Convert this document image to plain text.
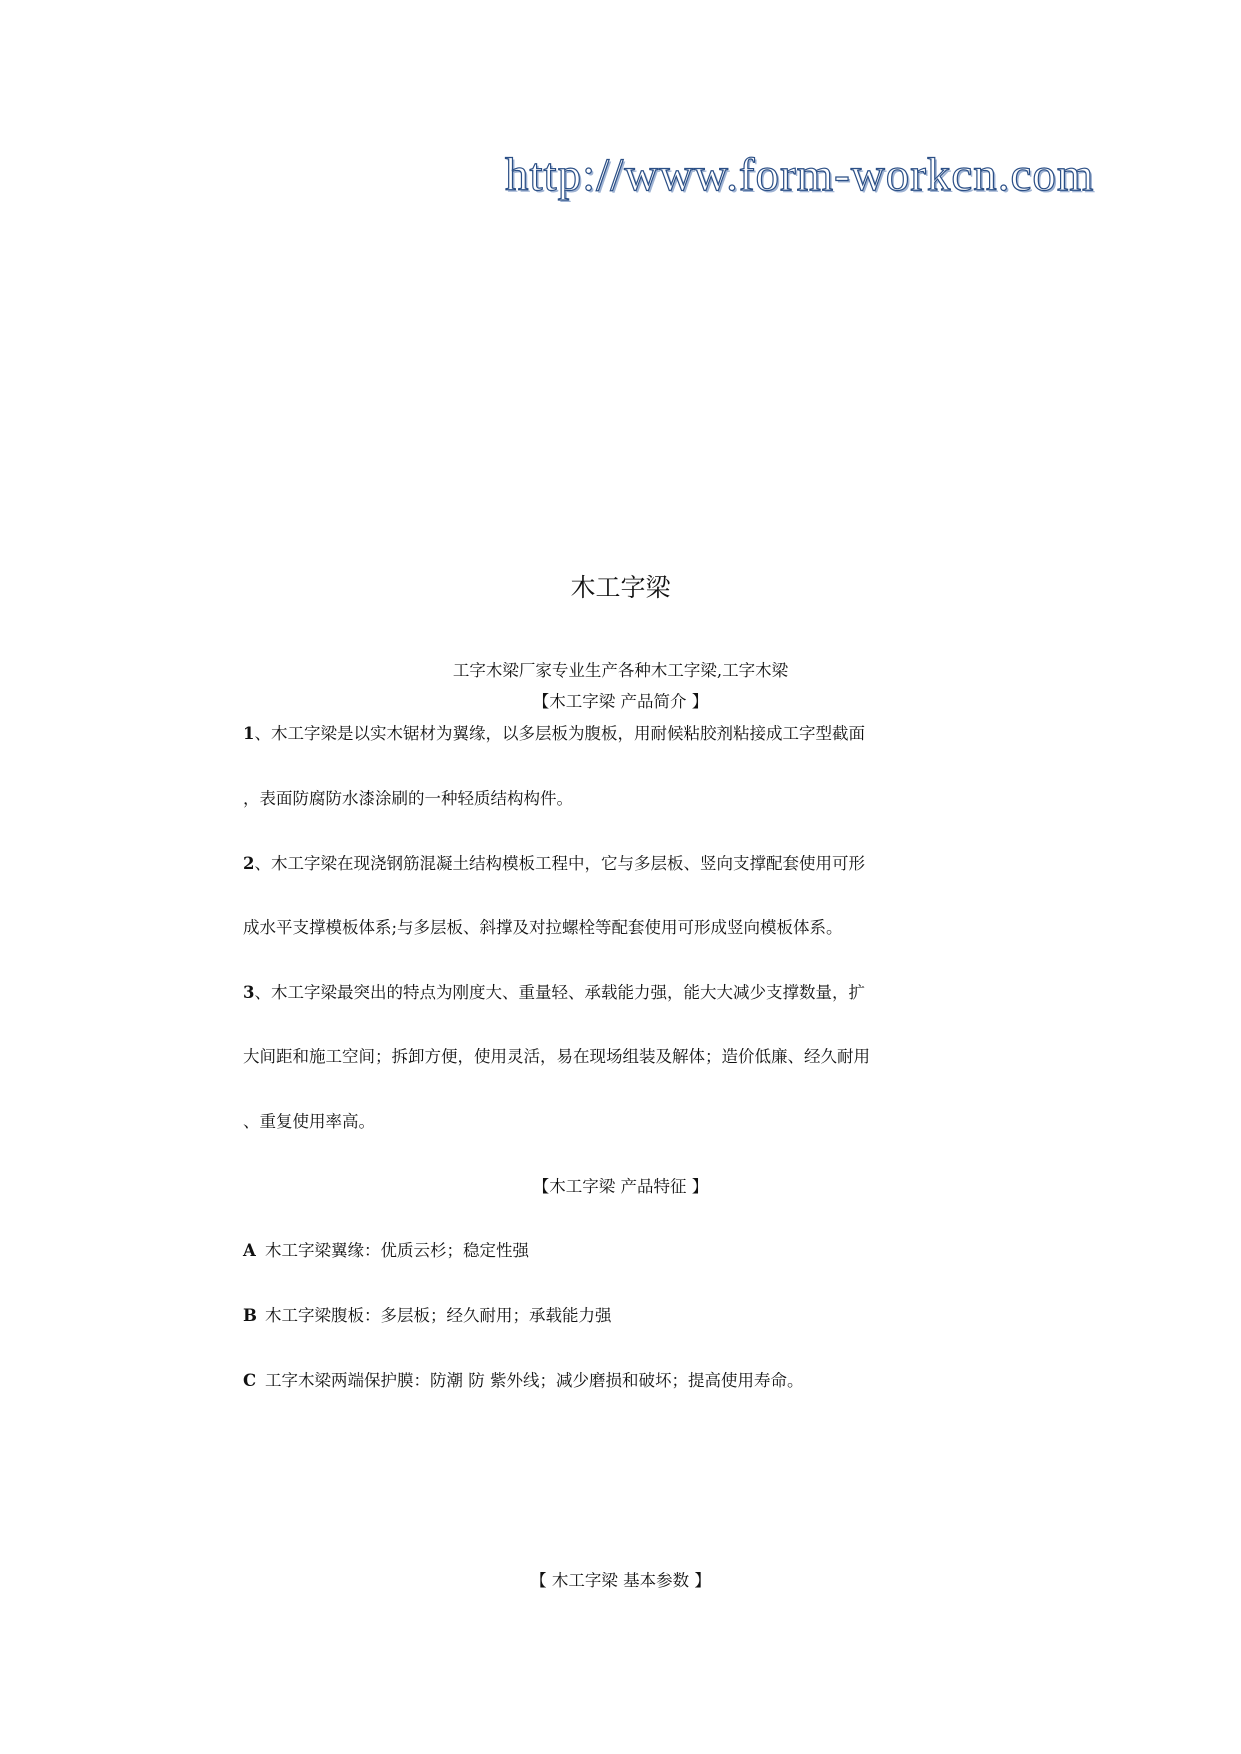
http://www.form-workcn.com
木工字梁
工字木梁厂家专业生产各种木工字梁,工字木梁
【木工字梁 产品简介 】
1、木工字梁是以实木锯材为翼缘，以多层板为腹板，用耐候粘胶剂粘接成工字型截面
，表面防腐防水漆涂刷的一种轻质结构构件。
2、木工字梁在现浇钢筋混凝土结构模板工程中，它与多层板、竖向支撑配套使用可形
成水平支撑模板体系;与多层板、斜撑及对拉螺栓等配套使用可形成竖向模板体系。
3、木工字梁最突出的特点为刚度大、重量轻、承载能力强，能大大减少支撑数量，扩
大间距和施工空间；拆卸方便，使用灵活，易在现场组装及解体；造价低廉、经久耐用
、重复使用率高。
【木工字梁 产品特征 】
A 木工字梁翼缘：优质云杉；稳定性强
B 木工字梁腹板：多层板；经久耐用；承载能力强
C 工字木梁两端保护膜：防潮 防 紫外线；减少磨损和破坏；提高使用寿命。
【 木工字梁 基本参数 】
